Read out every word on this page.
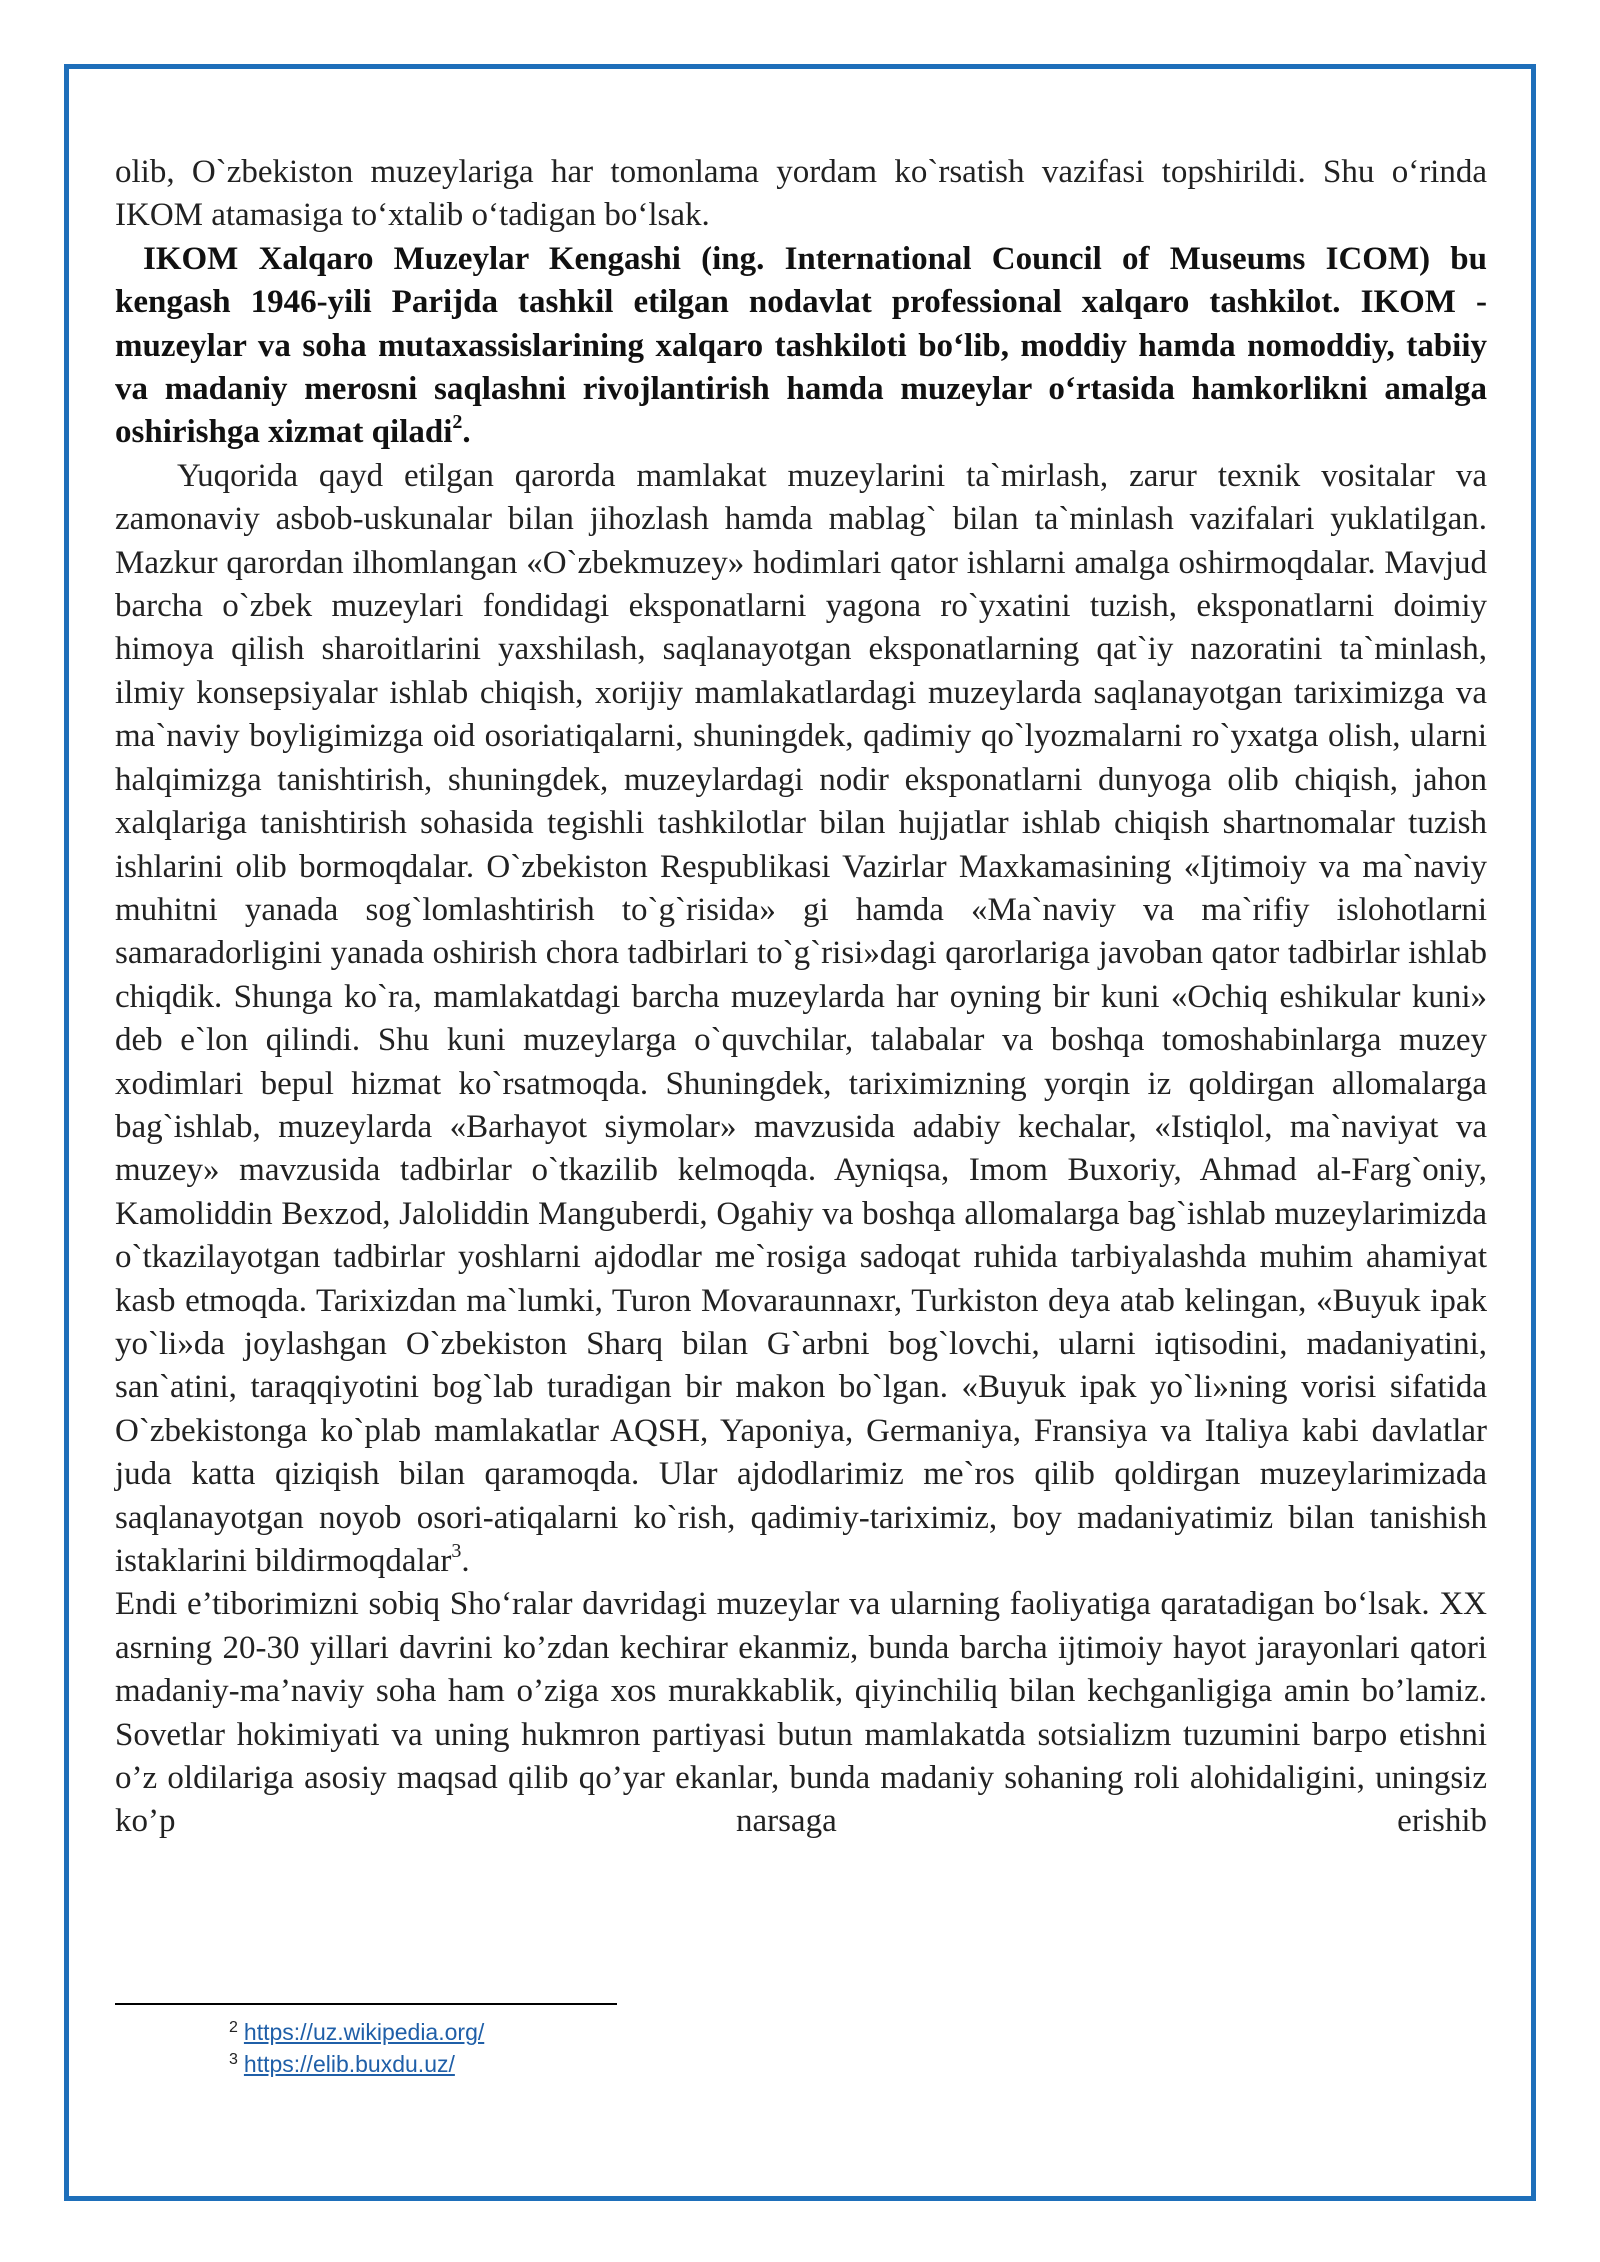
olib, O`zbekiston muzeylariga har tomonlama yordam ko`rsatish vazifasi topshirildi. Shu o‘rinda IKOM atamasiga to‘xtalib o‘tadigan bo‘lsak.

IKOM Xalqaro Muzeylar Kengashi (ing. International Council of Museums ICOM) bu kengash 1946-yili Parijda tashkil etilgan nodavlat professional xalqaro tashkilot. IKOM - muzeylar va soha mutaxassislarining xalqaro tashkiloti bo‘lib, moddiy hamda nomoddiy, tabiiy va madaniy merosni saqlashni rivojlantirish hamda muzeylar o‘rtasida hamkorlikni amalga oshirishga xizmat qiladi$^2$.

Yuqorida qayd etilgan qarorda mamlakat muzeylarini ta`mirlash, zarur texnik vositalar va zamonaviy asbob-uskunalar bilan jihozlash hamda mablag` bilan ta`minlash vazifalari yuklatilgan. Mazkur qarordan ilhomlangan «O`zbekmuzey» hodimlari qator ishlarni amalga oshirmoqdalar. Mavjud barcha o`zbek muzeylari fondidagi eksponatlarni yagona ro`yxatini tuzish, eksponatlarni doimiy himoya qilish sharoitlarini yaxshilash, saqlanayotgan eksponatlarning qat`iy nazoratini ta`minlash, ilmiy konsepsiyalar ishlab chiqish, xorijiy mamlakatlardagi muzeylarda saqlanayotgan tariximizga va ma`naviy boyligimizga oid osoriatiqalarni, shuningdek, qadimiy qo`lyozmalarni ro`yxatga olish, ularni halqimizga tanishtirish, shuningdek, muzeylardagi nodir eksponatlarni dunyoga olib chiqish, jahon xalqlariga tanishtirish sohasida tegishli tashkilotlar bilan hujjatlar ishlab chiqish shartnomalar tuzish ishlarini olib bormoqdalar. O`zbekiston Respublikasi Vazirlar Maxkamasining «Ijtimoiy va ma`naviy muhitni yanada sog`lomlashtirish to`g`risida» gi hamda «Ma`naviy va ma`rifiy islohotlarni samaradorligini yanada oshirish chora tadbirlari to`g`risi»dagi qarorlariga javoban qator tadbirlar ishlab chiqdik. Shunga ko`ra, mamlakatdagi barcha muzeylarda har oyning bir kuni «Ochiq eshikular kuni» deb e`lon qilindi. Shu kuni muzeylarga o`quvchilar, talabalar va boshqa tomoshabinlarga muzey xodimlari bepul hizmat ko`rsatmoqda. Shuningdek, tariximizning yorqin iz qoldirgan allomalarga bag`ishlab, muzeylarda «Barhayot siymolar» mavzusida adabiy kechalar, «Istiqlol, ma`naviyat va muzey» mavzusida tadbirlar o`tkazilib kelmoqda. Ayniqsa, Imom Buxoriy, Ahmad al-Farg`oniy, Kamoliddin Bexzod, Jaloliddin Manguberdi, Ogahiy va boshqa allomalarga bag`ishlab muzeylarimizda o`tkazilayotgan tadbirlar yoshlarni ajdodlar me`rosiga sadoqat ruhida tarbiyalashda muhim ahamiyat kasb etmoqda. Tarixizdan ma`lumki, Turon Movaraunnaxr, Turkiston deya atab kelingan, «Buyuk ipak yo`li»da joylashgan O`zbekiston Sharq bilan G`arbni bog`lovchi, ularni iqtisodini, madaniyatini, san`atini, taraqqiyotini bog`lab turadigan bir makon bo`lgan. «Buyuk ipak yo`li»ning vorisi sifatida O`zbekistonga ko`plab mamlakatlar AQSH, Yaponiya, Germaniya, Fransiya va Italiya kabi davlatlar juda katta qiziqish bilan qaramoqda. Ular ajdodlarimiz me`ros qilib qoldirgan muzeylarimizada saqlanayotgan noyob osori-atiqalarni ko`rish, qadimiy-tariximiz, boy madaniyatimiz bilan tanishish istaklarini bildirmoqdalar$^3$.

Endi e’tiborimizni sobiq Sho‘ralar davridagi muzeylar va ularning faoliyatiga qaratadigan bo‘lsak. XX asrning 20-30 yillari davrini ko’zdan kechirar ekanmiz, bunda barcha ijtimoiy hayot jarayonlari qatori madaniy-ma’naviy soha ham o’ziga xos murakkablik, qiyinchiliq bilan kechganligiga amin bo’lamiz. Sovetlar hokimiyati va uning hukmron partiyasi butun mamlakatda sotsializm tuzumini barpo etishni o’z oldilariga asosiy maqsad qilib qo’yar ekanlar, bunda madaniy sohaning roli alohidaligini, uningsiz ko’p narsaga erishib

$^2$ https://uz.wikipedia.org/
$^3$ https://elib.buxdu.uz/
